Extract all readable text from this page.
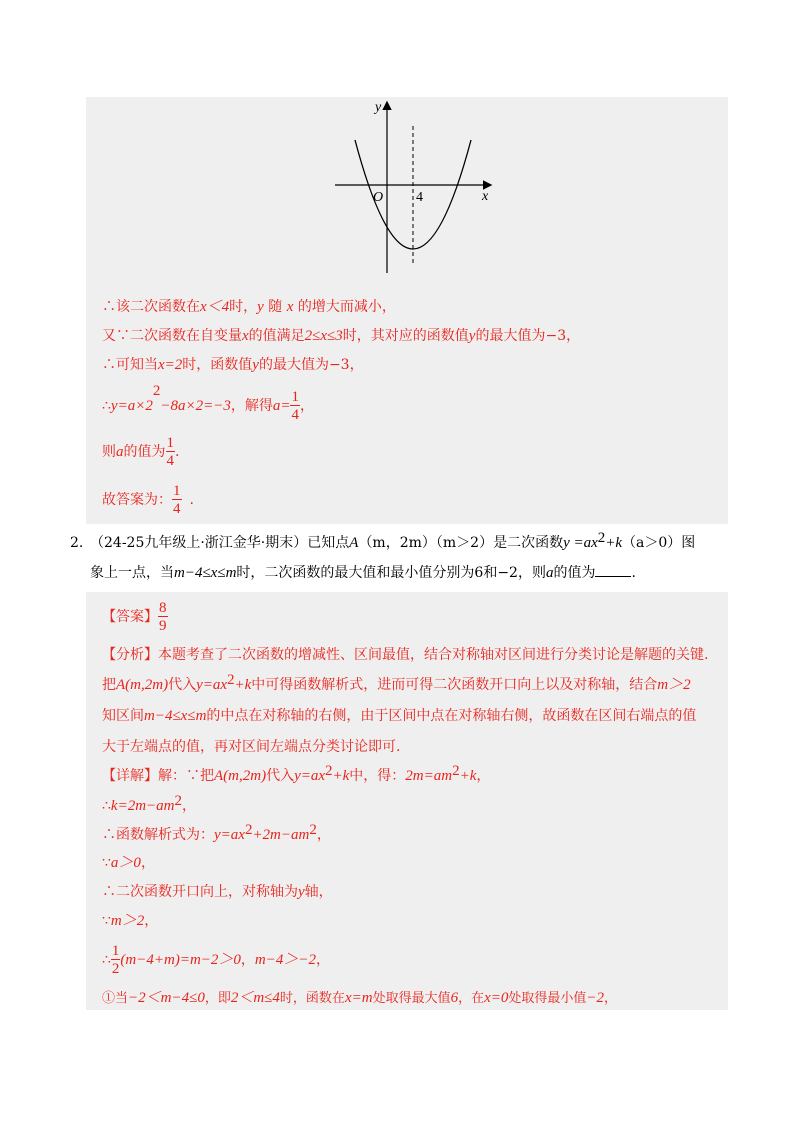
y
x
O 4
∴该二次函数在x＜4时，y 随 x 的增大而减小，
又∵二次函数在自变量x的值满足2≤x≤3时，其对应的函数值y的最大值为−3，
∴可知当x=2时，函数值y的最大值为−3，
$\therefore y=a\times 2^2-8a\times 2=-3$，解得$a= \frac{1}{4}$ ，
则a的值为 $\frac{1}{4}$ .
故答案为： $\frac{1}{4}$ .
2. （24-25九年级上·浙江金华·期末）已知点A（m，2m）（m＞2）是二次函数$y =ax^2+k(a>0)$图
象上一点，当m−4≤x≤m时，二次函数的最大值和最小值分别为6和−2，则a的值为	.
【答案】 $\frac{8}{9}$
【分析】本题考查了二次函数的增减性、区间最值，结合对称轴对区间进行分类讨论是解题的关键.
把A(m,2m)代入$y=ax^2+k$中可得函数解析式，进而可得二次函数开口向上以及对称轴，结合m＞2
知区间m−4≤x≤m的中点在对称轴的右侧，由于区间中点在对称轴右侧，故函数在区间右端点的值
大于左端点的值，再对区间左端点分类讨论即可.
【详解】解：∵把A(m,2m)代入$y=ax^2+k$中，得：$2m=am^2+k$，
$\therefore k=2m-am^2$，
∴函数解析式为：$y=ax^2+2m-am^2$，
∵a＞0，
∴二次函数开口向上，对称轴为y轴，
∵m＞2，
∴ $\frac{1}{2} (m-4+m)=m-2>0$，m−4＞−2，
①当−2＜m−4≤0，即2＜m≤4时，函数在x=m处取得最大值6，在x=0处取得最小值−2，
